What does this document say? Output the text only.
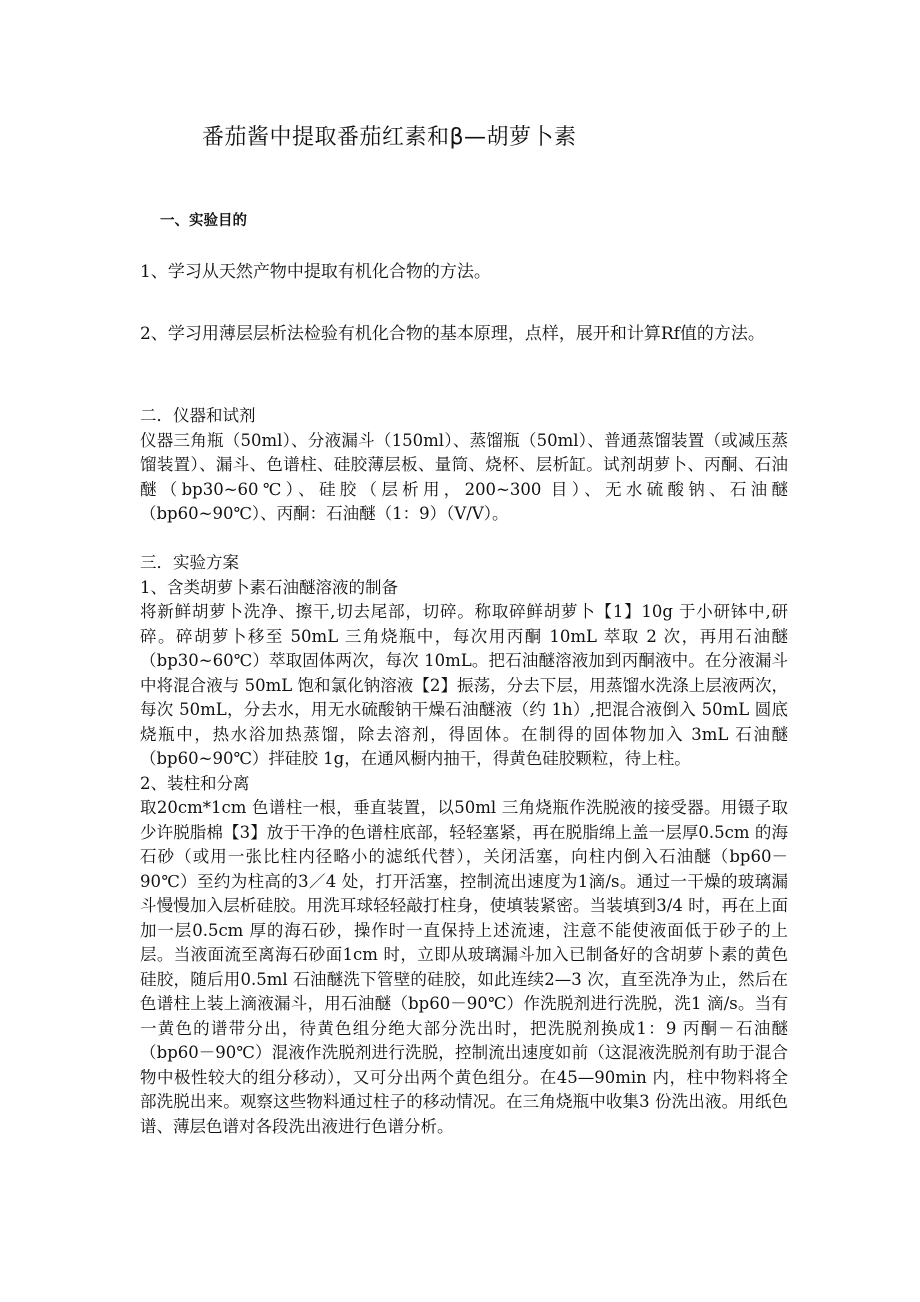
番茄酱中提取番茄红素和β—胡萝卜素
一、实验目的

1、学习从天然产物中提取有机化合物的方法。

2、学习用薄层层析法检验有机化合物的基本原理，点样，展开和计算Rf值的方法。

二．仪器和试剂

仪器三角瓶（50ml）、分液漏斗（150ml）、蒸馏瓶（50ml）、普通蒸馏装置（或减压蒸馏装置）、漏斗、色谱柱、硅胶薄层板、量筒、烧杯、层析缸。试剂胡萝卜、丙酮、石油醚（bp30~60℃）、硅胶（层析用，200~300 目）、无水硫酸钠、石油醚（bp60~90℃）、丙酮：石油醚（1：9）（V/V）。

三．实验方案
1、含类胡萝卜素石油醚溶液的制备

将新鲜胡萝卜洗净、擦干,切去尾部，切碎。称取碎鲜胡萝卜【1】10g 于小研钵中,研碎。碎胡萝卜移至 50mL 三角烧瓶中，每次用丙酮 10mL 萃取 2 次，再用石油醚（bp30~60℃）萃取固体两次，每次 10mL。把石油醚溶液加到丙酮液中。在分液漏斗中将混合液与 50mL 饱和氯化钠溶液【2】振荡，分去下层，用蒸馏水洗涤上层液两次，每次 50mL，分去水，用无水硫酸钠干燥石油醚液（约 1h）,把混合液倒入 50mL 圆底烧瓶中，热水浴加热蒸馏，除去溶剂，得固体。在制得的固体物加入 3mL 石油醚（bp60~90℃）拌硅胶 1g，在通风橱内抽干，得黄色硅胶颗粒，待上柱。

2、装柱和分离

取20cm*1cm 色谱柱一根，垂直装置，以50ml 三角烧瓶作洗脱液的接受器。用镊子取少许脱脂棉【3】放于干净的色谱柱底部，轻轻塞紧，再在脱脂绵上盖一层厚0.5cm 的海石砂（或用一张比柱内径略小的滤纸代替），关闭活塞，向柱内倒入石油醚（bp60－90℃）至约为柱高的3／4 处，打开活塞，控制流出速度为1滴/s。通过一干燥的玻璃漏斗慢慢加入层析硅胶。用洗耳球轻轻敲打柱身，使填装紧密。当装填到3/4 时，再在上面加一层0.5cm 厚的海石砂，操作时一直保持上述流速，注意不能使液面低于砂子的上层。当液面流至离海石砂面1cm 时，立即从玻璃漏斗加入已制备好的含胡萝卜素的黄色硅胶，随后用0.5ml 石油醚洗下管壁的硅胶，如此连续2—3 次，直至洗净为止，然后在色谱柱上装上滴液漏斗，用石油醚（bp60－90℃）作洗脱剂进行洗脱，洗1 滴/s。当有一黄色的谱带分出，待黄色组分绝大部分洗出时，把洗脱剂换成1：9 丙酮－石油醚（bp60－90℃）混液作洗脱剂进行洗脱，控制流出速度如前（这混液洗脱剂有助于混合物中极性较大的组分移动），又可分出两个黄色组分。在45—90min 内，柱中物料将全部洗脱出来。观察这些物料通过柱子的移动情况。在三角烧瓶中收集3 份洗出液。用纸色谱、薄层色谱对各段洗出液进行色谱分析。
